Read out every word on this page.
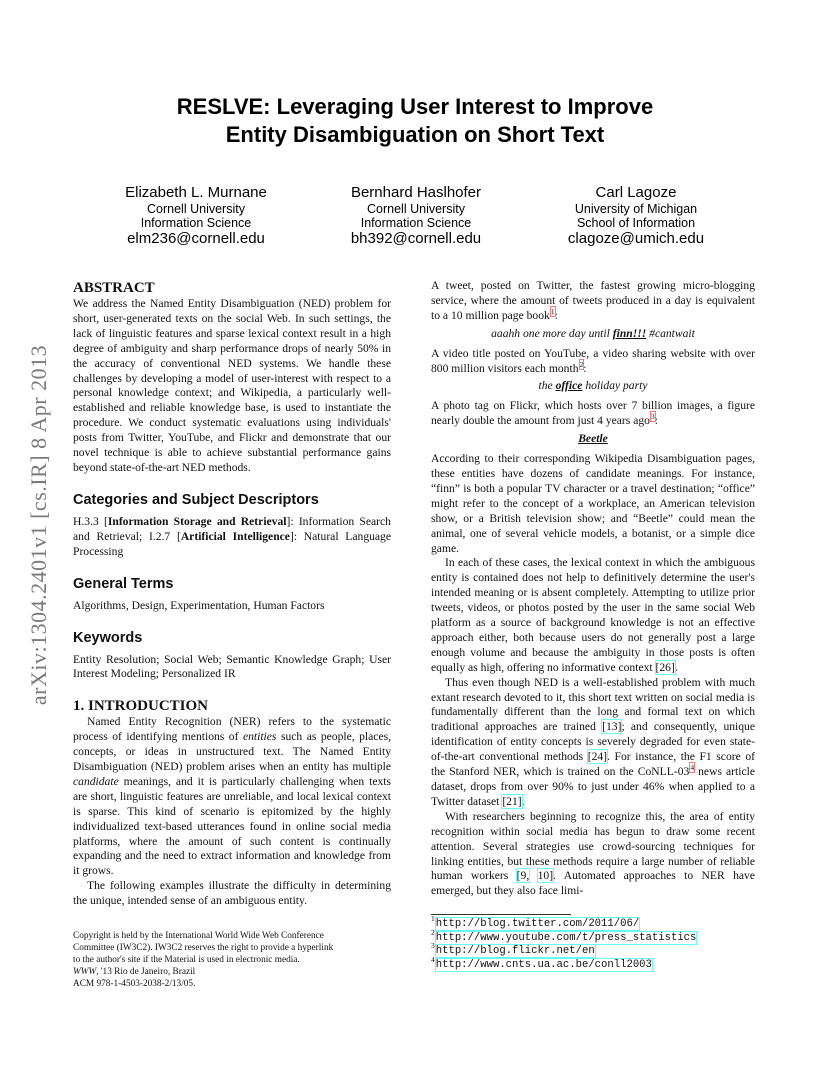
arXiv:1304.2401v1 [cs.IR] 8 Apr 2013
RESLVE: Leveraging User Interest to Improve
Entity Disambiguation on Short Text
Elizabeth L. Murnane
Cornell University
Information Science
elm236@cornell.edu
Bernhard Haslhofer
Cornell University
Information Science
bh392@cornell.edu
Carl Lagoze
University of Michigan
School of Information
clagoze@umich.edu
ABSTRACT

We address the Named Entity Disambiguation (NED) problem for short, user-generated texts on the social Web. In such settings, the lack of linguistic features and sparse lexical context result in a high degree of ambiguity and sharp performance drops of nearly 50% in the accuracy of conventional NED systems. We handle these challenges by developing a model of user-interest with respect to a personal knowledge context; and Wikipedia, a particularly well-established and reliable knowledge base, is used to instantiate the procedure. We conduct systematic evaluations using individuals' posts from Twitter, YouTube, and Flickr and demonstrate that our novel technique is able to achieve substantial performance gains beyond state-of-the-art NED methods.

Categories and Subject Descriptors

H.3.3 [Information Storage and Retrieval]: Information Search and Retrieval; I.2.7 [Artificial Intelligence]: Natural Language Processing

General Terms

Algorithms, Design, Experimentation, Human Factors

Keywords

Entity Resolution; Social Web; Semantic Knowledge Graph; User Interest Modeling; Personalized IR

1. INTRODUCTION

Named Entity Recognition (NER) refers to the systematic process of identifying mentions of entities such as people, places, concepts, or ideas in unstructured text. The Named Entity Disambiguation (NED) problem arises when an entity has multiple candidate meanings, and it is particularly challenging when texts are short, linguistic features are unreliable, and local lexical context is sparse. This kind of scenario is epitomized by the highly individualized text-based utterances found in online social media platforms, where the amount of such content is continually expanding and the need to extract information and knowledge from it grows.

The following examples illustrate the difficulty in determining the unique, intended sense of an ambiguous entity.

Copyright is held by the International World Wide Web Conference
Committee (IW3C2). IW3C2 reserves the right to provide a hyperlink
to the author's site if the Material is used in electronic media.
WWW, '13 Rio de Janeiro, Brazil
ACM 978-1-4503-2038-2/13/05.

A tweet, posted on Twitter, the fastest growing micro-blogging service, where the amount of tweets produced in a day is equivalent to a 10 million page book$^1$:

aaahh one more day until finn!!! #cantwait

A video title posted on YouTube, a video sharing website with over 800 million visitors each month$^2$:

the office holiday party

A photo tag on Flickr, which hosts over 7 billion images, a figure nearly double the amount from just 4 years ago$^3$:

Beetle

According to their corresponding Wikipedia Disambiguation pages, these entities have dozens of candidate meanings. For instance, “finn” is both a popular TV character or a travel destination; “office” might refer to the concept of a workplace, an American television show, or a British television show; and “Beetle” could mean the animal, one of several vehicle models, a botanist, or a simple dice game.

In each of these cases, the lexical context in which the ambiguous entity is contained does not help to definitively determine the user's intended meaning or is absent completely. Attempting to utilize prior tweets, videos, or photos posted by the user in the same social Web platform as a source of background knowledge is not an effective approach either, both because users do not generally post a large enough volume and because the ambiguity in those posts is often equally as high, offering no informative context [26].

Thus even though NED is a well-established problem with much extant research devoted to it, this short text written on social media is fundamentally different than the long and formal text on which traditional approaches are trained [13]; and consequently, unique identification of entity concepts is severely degraded for even state-of-the-art conventional methods [24]. For instance, the F1 score of the Stanford NER, which is trained on the CoNLL-03$^4$ news article dataset, drops from over 90% to just under 46% when applied to a Twitter dataset [21].

With researchers beginning to recognize this, the area of entity recognition within social media has begun to draw some recent attention. Several strategies use crowd-sourcing techniques for linking entities, but these methods require a large number of reliable human workers [9, 10]. Automated approaches to NER have emerged, but they also face limi-

$^1$http://blog.twitter.com/2011/06/
$^2$http://www.youtube.com/t/press_statistics
$^3$http://blog.flickr.net/en
$^4$http://www.cnts.ua.ac.be/conll2003
